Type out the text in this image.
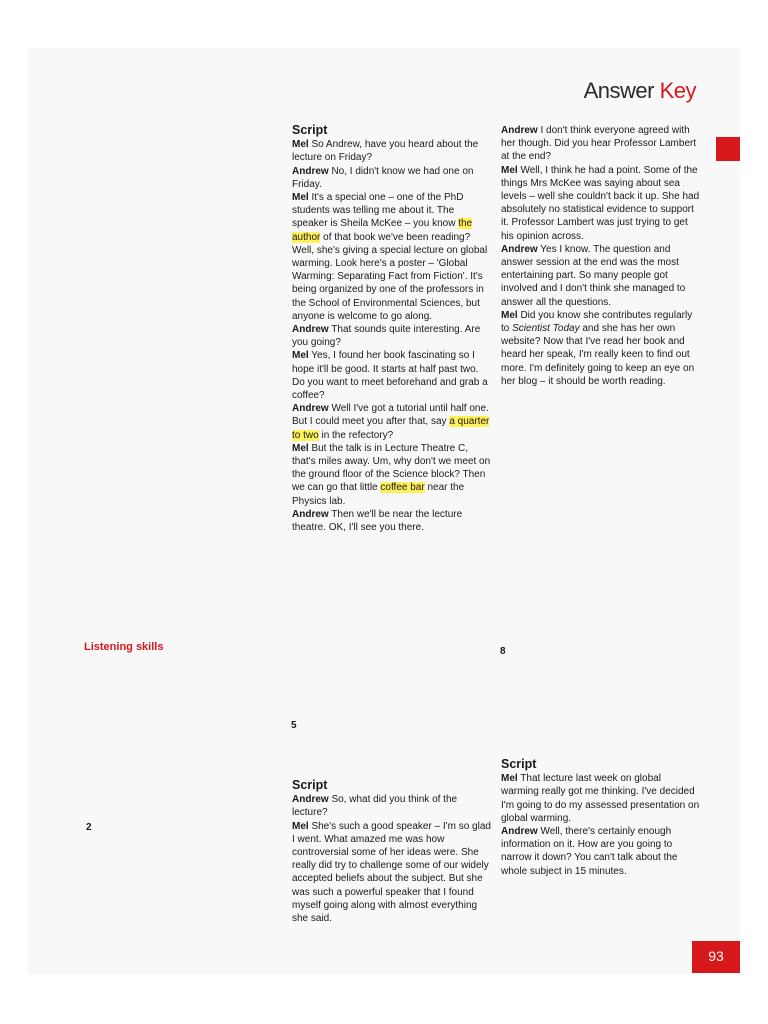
Answer Key
Script

Mel So Andrew, have you heard about the lecture on Friday?

Andrew No, I didn't know we had one on Friday.

Mel It's a special one – one of the PhD students was telling me about it. The speaker is Sheila McKee – you know the author of that book we've been reading? Well, she's giving a special lecture on global warming. Look here's a poster – 'Global Warming: Separating Fact from Fiction'. It's being organized by one of the professors in the School of Environmental Sciences, but anyone is welcome to go along.

Andrew That sounds quite interesting. Are you going?

Mel Yes, I found her book fascinating so I hope it'll be good. It starts at half past two. Do you want to meet beforehand and grab a coffee?

Andrew Well I've got a tutorial until half one. But I could meet you after that, say a quarter to two in the refectory?

Mel But the talk is in Lecture Theatre C, that's miles away. Um, why don't we meet on the ground floor of the Science block? Then we can go that little coffee bar near the Physics lab.

Andrew Then we'll be near the lecture theatre. OK, I'll see you there.

Andrew I don't think everyone agreed with her though. Did you hear Professor Lambert at the end?

Mel Well, I think he had a point. Some of the things Mrs McKee was saying about sea levels – well she couldn't back it up. She had absolutely no statistical evidence to support it. Professor Lambert was just trying to get his opinion across.

Andrew Yes I know. The question and answer session at the end was the most entertaining part. So many people got involved and I don't think she managed to answer all the questions.

Mel Did you know she contributes regularly to Scientist Today and she has her own website? Now that I've read her book and heard her speak, I'm really keen to find out more. I'm definitely going to keep an eye on her blog – it should be worth reading.

Listening skills	8
5
2
Script

Andrew So, what did you think of the lecture?

Mel She's such a good speaker – I'm so glad I went. What amazed me was how controversial some of her ideas were. She really did try to challenge some of our widely accepted beliefs about the subject. But she was such a powerful speaker that I found myself going along with almost everything she said.

Script

Mel That lecture last week on global warming really got me thinking. I've decided I'm going to do my assessed presentation on global warming.

Andrew Well, there's certainly enough information on it. How are you going to narrow it down? You can't talk about the whole subject in 15 minutes.

93
